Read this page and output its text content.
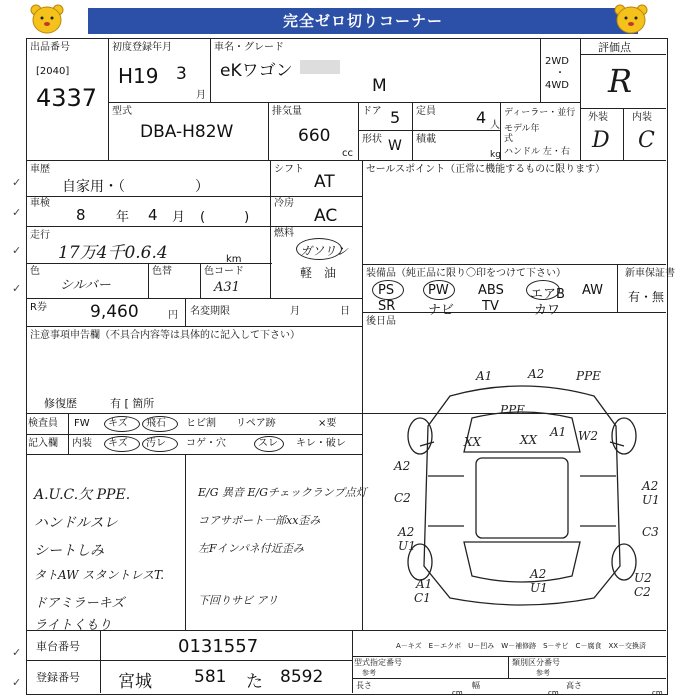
完全ゼロ切りコーナー
✓
✓
✓
✓
✓
✓
出品番号
[2040]
4337
初度登録年月
H19 3
月
車名・グレード
eKワゴン
M
2WD
・
4WD
評価点
R
外装 内装
D C
型式
DBA-H82W
排気量
660
cc
ドア 5 定員	4 人
形状 W 積載
kg
ディーラー・並行
モデル年式
ハンドル 左・右
車歴
自家用・（　　　　　）
シフト
AT
車検
8 年 4 月 (　　　)
冷房
AC
走行
17万4千0.6.4	km
燃料
ガソリン
軽　油
色
シルバー
色替	色コード
A31
R券	9,460	円 名変期限	月	日
注意事項申告欄（不具合内容等は具体的に記入して下さい）
修復歴	有 [ 箇所
セールスポイント（正常に機能するものに限ります）
装備品（純正品に限り〇印をつけて下さい）	新車保証書
有・無
PS	PW ABS エアB AW
SR	ナビ TV	カワ
後日品
検査員
記入欄
FW キズ 飛石 ヒビ割 リペア跡	×要
内装 キズ 汚レ コゲ・穴	スレ キレ・破レ
A.U.C.欠 PPE.
ハンドルスレ
シートしみ
タトAW スタントレスT.
ドアミラーキズ
ライトくもり
E/G 異音 E/Gチェックランプ点灯
コアサポート一部xx歪み
左Fインパネ付近歪み
下回りサビ アリ
A1	A2	PPE
PPE
XX	XX
A1 W2
A2
C2
A2
U1
A2
U1
C3
A2
U1
U2
A1
C1	C2
A－キズ　E－エクボ　U－凹み　W－補修跡　S－サビ　C－腐食　XX－交換済
車台番号	0131557
登録番号 宮城 581 た 8592
型式指定番号	類別区分番号
参考	参考
長さ	幅	高さ
cm	cm	cm
